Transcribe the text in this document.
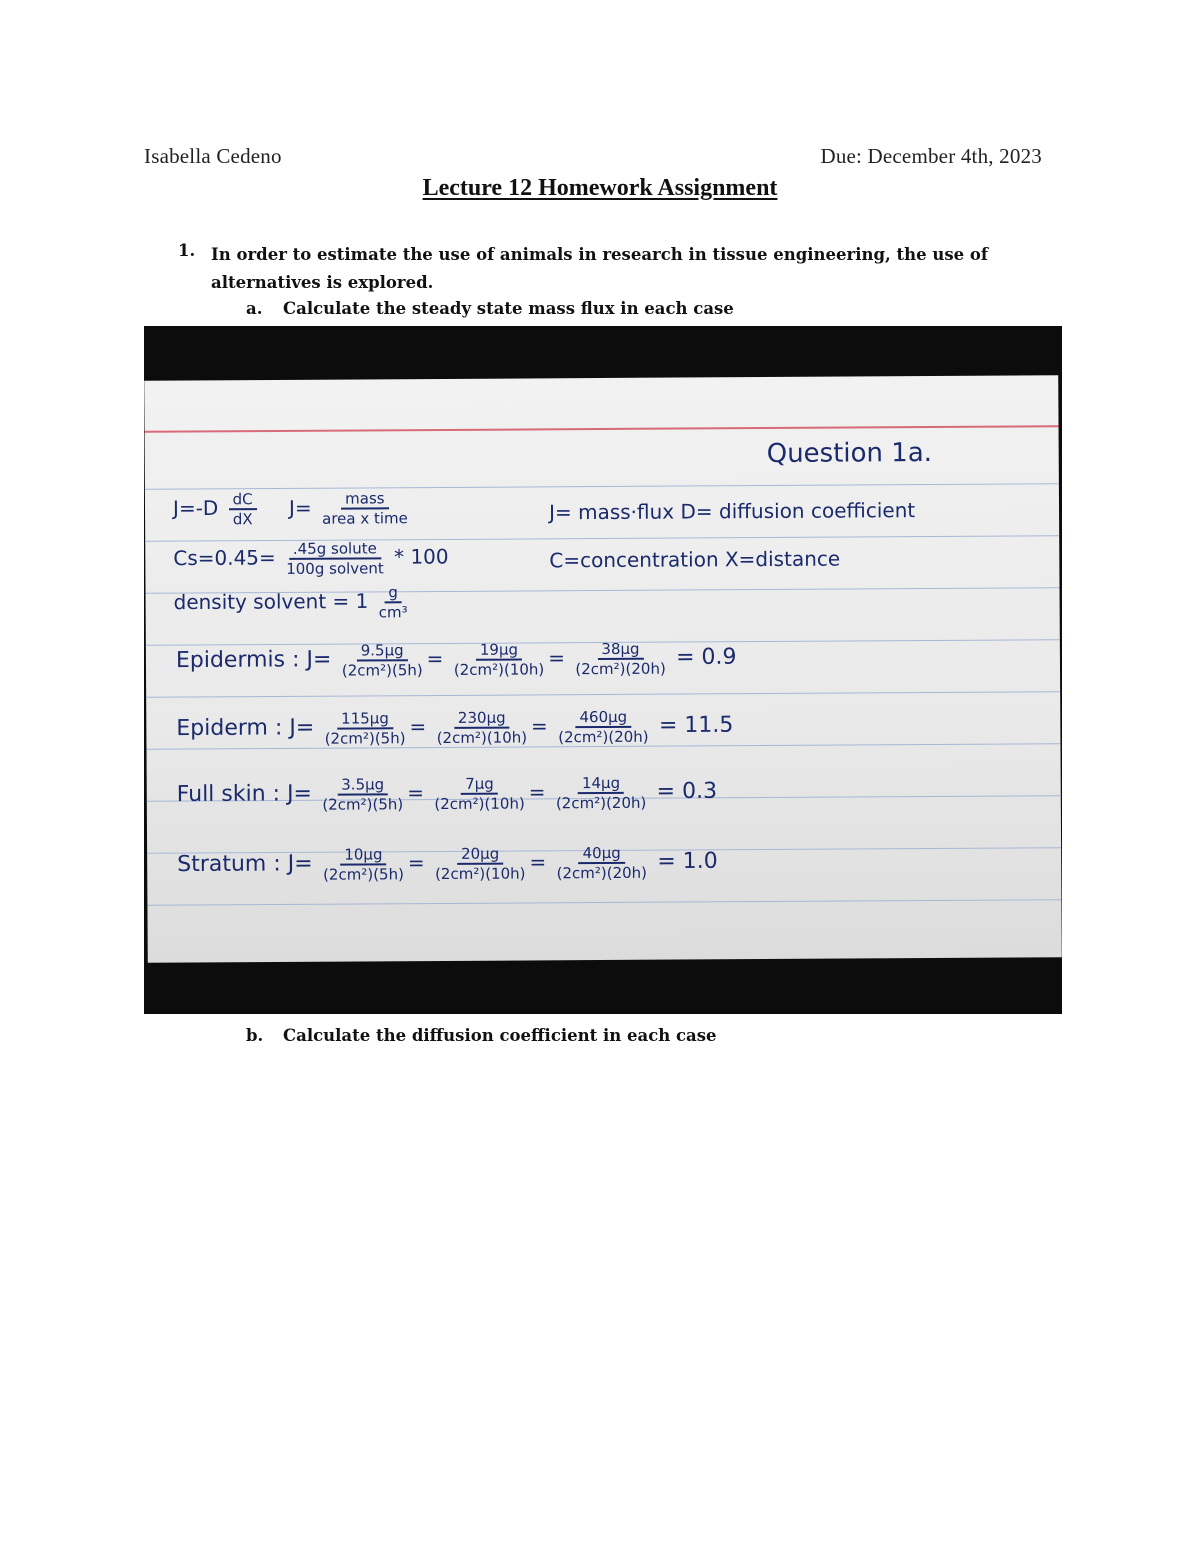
Isabella Cedeno	Due: December 4th, 2023
Lecture 12 Homework Assignment
1. In order to estimate the use of animals in research in tissue engineering, the use of alternatives is explored.
a. Calculate the steady state mass flux in each case
Question 1a.
$J=-D \frac{dC}{dX} J= \frac{\text{mass}}{\text{area x time}}$	J= mass·flux D= diffusion coefficient
$Cs=0.45= \frac{\text{.45g solute}}{\text{100g solvent}} * 100$	C=concentration X=distance
density solvent = $1 \frac{g}{\text{cm³}}$
Epidermis : $J= \frac{\text{9.5µg}}{\text{(2cm²)(5h)}} = \frac{\text{19µg}}{\text{(2cm²)(10h)}} = \frac{\text{38µg}}{\text{(2cm²)(20h)}} = 0.9$
Epiderm : $J= \frac{\text{115µg}}{\text{(2cm²)(5h)}} = \frac{\text{230µg}}{\text{(2cm²)(10h)}} = \frac{\text{460µg}}{\text{(2cm²)(20h)}} = 11.5$
Full skin : $J= \frac{\text{3.5µg}}{\text{(2cm²)(5h)}} = \frac{\text{7µg}}{\text{(2cm²)(10h)}} = \frac{\text{14µg}}{\text{(2cm²)(20h)}} = 0.3$
Stratum : $J= \frac{\text{10µg}}{\text{(2cm²)(5h)}} = \frac{\text{20µg}}{\text{(2cm²)(10h)}} = \frac{\text{40µg}}{\text{(2cm²)(20h)}} = 1.0$
b. Calculate the diffusion coefficient in each case
